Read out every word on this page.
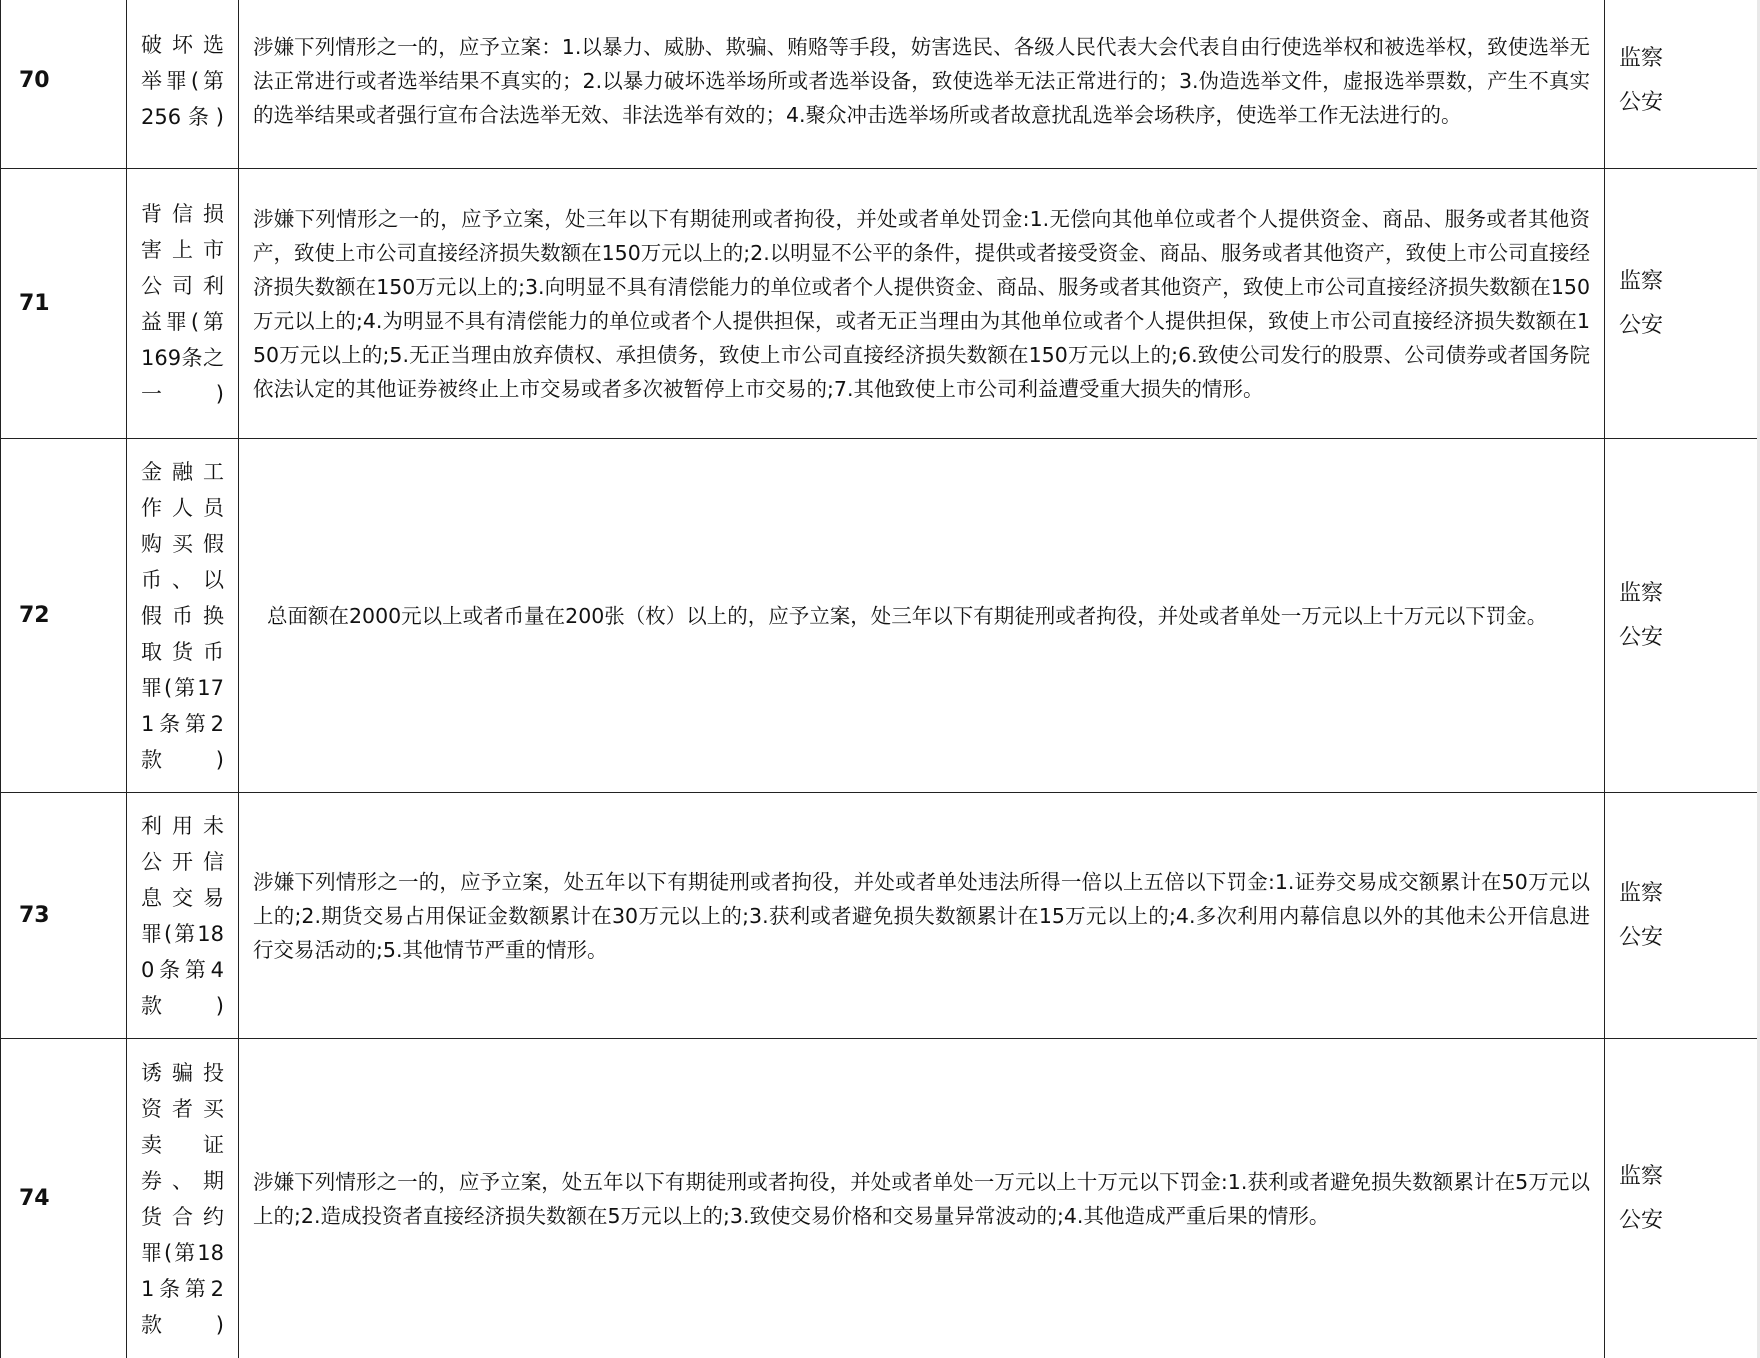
70	破坏选举罪(第256条)	涉嫌下列情形之一的，应予立案：1.以暴力、威胁、欺骗、贿赂等手段，妨害选民、各级人民代表大会代表自由行使选举权和被选举权，致使选举无法正常进行或者选举结果不真实的；2.以暴力破坏选举场所或者选举设备，致使选举无法正常进行的；3.伪造选举文件，虚报选举票数，产生不真实的选举结果或者强行宣布合法选举无效、非法选举有效的；4.聚众冲击选举场所或者故意扰乱选举会场秩序，使选举工作无法进行的。	监察
公安

71	背信损害上市公司利益罪(第169条之一)	涉嫌下列情形之一的，应予立案，处三年以下有期徒刑或者拘役，并处或者单处罚金:1.无偿向其他单位或者个人提供资金、商品、服务或者其他资产，致使上市公司直接经济损失数额在150万元以上的;2.以明显不公平的条件，提供或者接受资金、商品、服务或者其他资产，致使上市公司直接经济损失数额在150万元以上的;3.向明显不具有清偿能力的单位或者个人提供资金、商品、服务或者其他资产，致使上市公司直接经济损失数额在150万元以上的;4.为明显不具有清偿能力的单位或者个人提供担保，或者无正当理由为其他单位或者个人提供担保，致使上市公司直接经济损失数额在150万元以上的;5.无正当理由放弃债权、承担债务，致使上市公司直接经济损失数额在150万元以上的;6.致使公司发行的股票、公司债券或者国务院依法认定的其他证券被终止上市交易或者多次被暂停上市交易的;7.其他致使上市公司利益遭受重大损失的情形。	监察
公安

72	金融工作人员购买假币、以假币换取货币罪(第171条第2款)	总面额在2000元以上或者币量在200张（枚）以上的，应予立案，处三年以下有期徒刑或者拘役，并处或者单处一万元以上十万元以下罚金。	监察
公安

73	利用未公开信息交易罪(第180条第4款)	涉嫌下列情形之一的，应予立案，处五年以下有期徒刑或者拘役，并处或者单处违法所得一倍以上五倍以下罚金:1.证券交易成交额累计在50万元以上的;2.期货交易占用保证金数额累计在30万元以上的;3.获利或者避免损失数额累计在15万元以上的;4.多次利用内幕信息以外的其他未公开信息进行交易活动的;5.其他情节严重的情形。	监察
公安

74	诱骗投资者买卖证券、期货合约罪(第181条第2款)	涉嫌下列情形之一的，应予立案，处五年以下有期徒刑或者拘役，并处或者单处一万元以上十万元以下罚金:1.获利或者避免损失数额累计在5万元以上的;2.造成投资者直接经济损失数额在5万元以上的;3.致使交易价格和交易量异常波动的;4.其他造成严重后果的情形。	监察
公安
